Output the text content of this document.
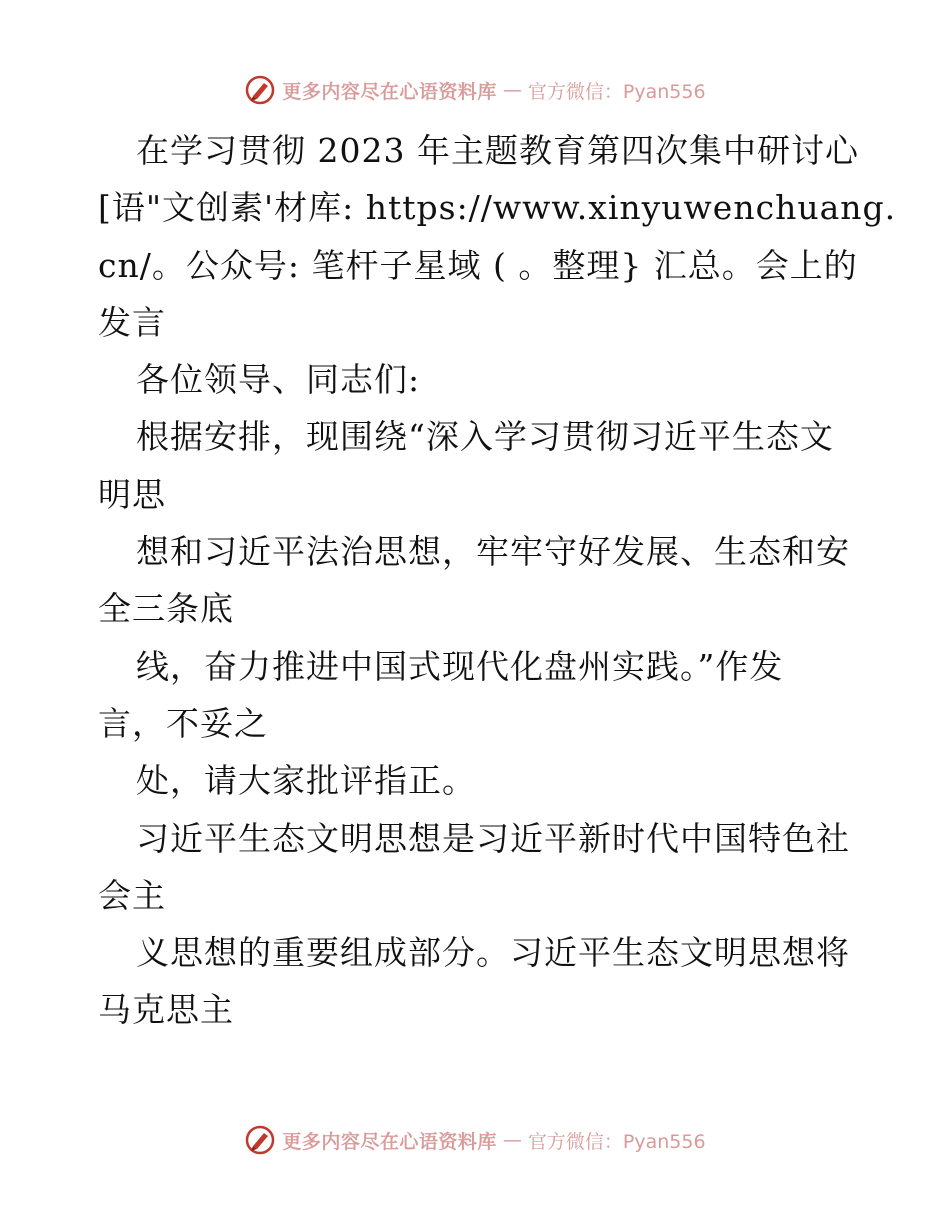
更多内容尽在心语资料库 — 官方微信：Pyan556
在学习贯彻 2023 年主题教育第四次集中研讨心
[语"文创素'材库: https://www.xinyuwenchuang.
cn/。公众号: 笔杆子星域 ( 。整理} 汇总。会上的
发言
各位领导、同志们:
根据安排，现围绕“深入学习贯彻习近平生态文
明思
想和习近平法治思想，牢牢守好发展、生态和安
全三条底
线，奋力推进中国式现代化盘州实践。”作发
言，不妥之
处，请大家批评指正。
习近平生态文明思想是习近平新时代中国特色社
会主
义思想的重要组成部分。习近平生态文明思想将
马克思主
更多内容尽在心语资料库 — 官方微信：Pyan556
